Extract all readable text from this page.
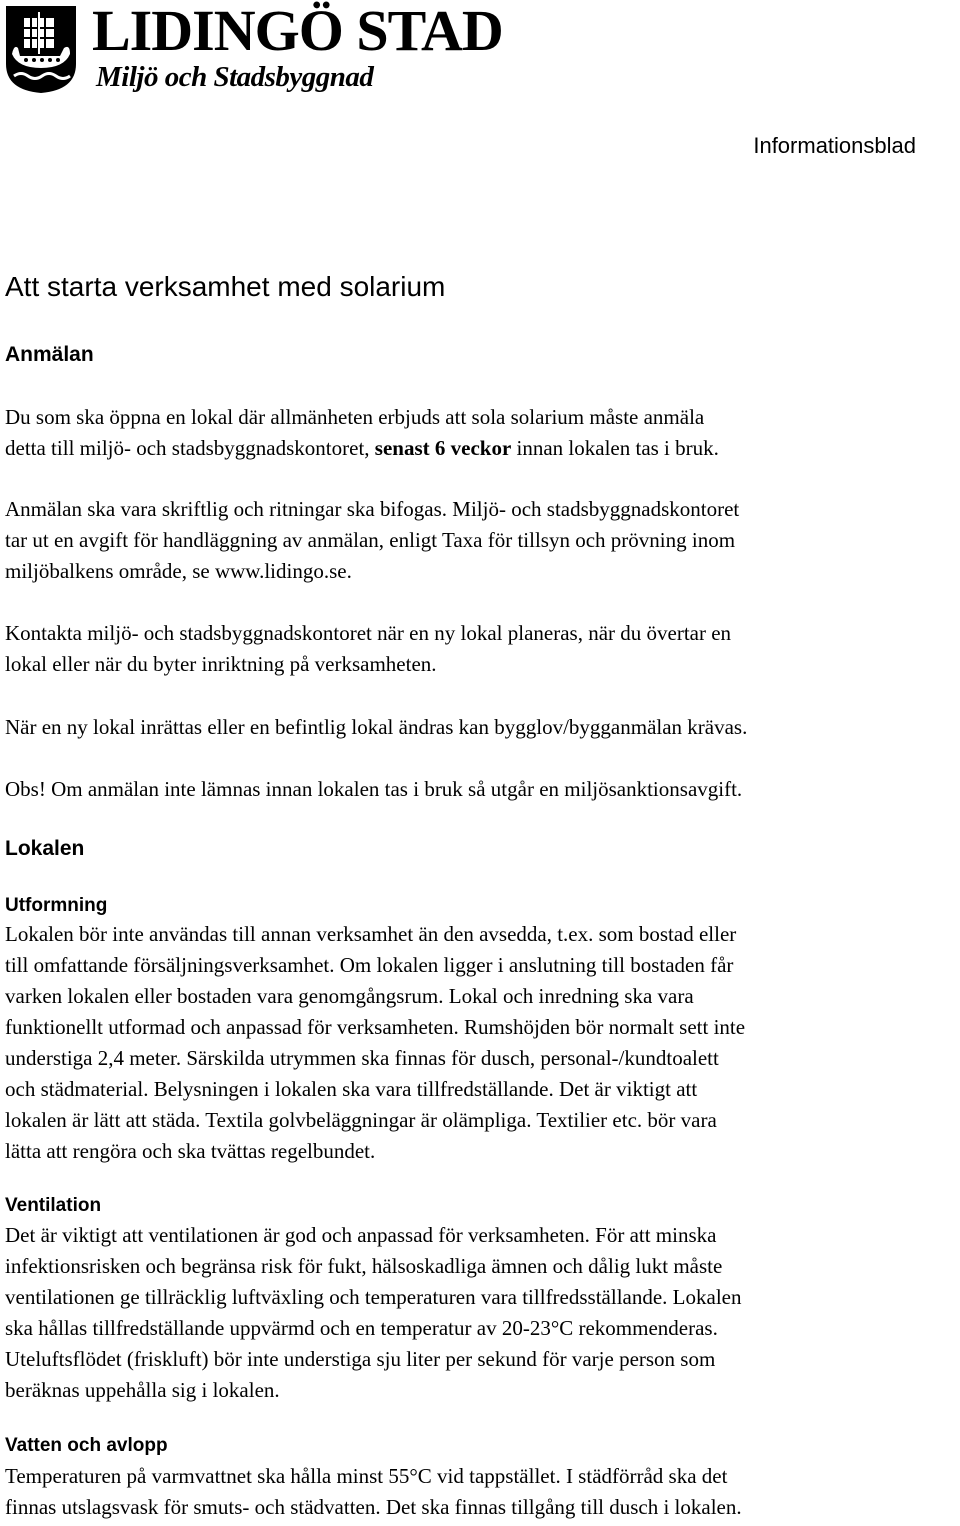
LIDINGÖ STAD
Miljö och Stadsbyggnad
Informationsblad
Att starta verksamhet med solarium
Anmälan
Du som ska öppna en lokal där allmänheten erbjuds att sola solarium måste anmäla
detta till miljö- och stadsbyggnadskontoret, senast 6 veckor innan lokalen tas i bruk.
Anmälan ska vara skriftlig och ritningar ska bifogas. Miljö- och stadsbyggnadskontoret
tar ut en avgift för handläggning av anmälan, enligt Taxa för tillsyn och prövning inom
miljöbalkens område, se www.lidingo.se.
Kontakta miljö- och stadsbyggnadskontoret när en ny lokal planeras, när du övertar en
lokal eller när du byter inriktning på verksamheten.
När en ny lokal inrättas eller en befintlig lokal ändras kan bygglov/bygganmälan krävas.
Obs! Om anmälan inte lämnas innan lokalen tas i bruk så utgår en miljösanktionsavgift.
Lokalen
Utformning
Lokalen bör inte användas till annan verksamhet än den avsedda, t.ex. som bostad eller
till omfattande försäljningsverksamhet. Om lokalen ligger i anslutning till bostaden får
varken lokalen eller bostaden vara genomgångsrum. Lokal och inredning ska vara
funktionellt utformad och anpassad för verksamheten. Rumshöjden bör normalt sett inte
understiga 2,4 meter. Särskilda utrymmen ska finnas för dusch, personal-/kundtoalett
och städmaterial. Belysningen i lokalen ska vara tillfredställande. Det är viktigt att
lokalen är lätt att städa. Textila golvbeläggningar är olämpliga. Textilier etc. bör vara
lätta att rengöra och ska tvättas regelbundet.
Ventilation
Det är viktigt att ventilationen är god och anpassad för verksamheten. För att minska
infektionsrisken och begränsa risk för fukt, hälsoskadliga ämnen och dålig lukt måste
ventilationen ge tillräcklig luftväxling och temperaturen vara tillfredsställande. Lokalen
ska hållas tillfredställande uppvärmd och en temperatur av 20-23°C rekommenderas.
Uteluftsflödet (friskluft) bör inte understiga sju liter per sekund för varje person som
beräknas uppehålla sig i lokalen.
Vatten och avlopp
Temperaturen på varmvattnet ska hålla minst 55°C vid tappstället. I städförråd ska det
finnas utslagsvask för smuts- och städvatten. Det ska finnas tillgång till dusch i lokalen.
